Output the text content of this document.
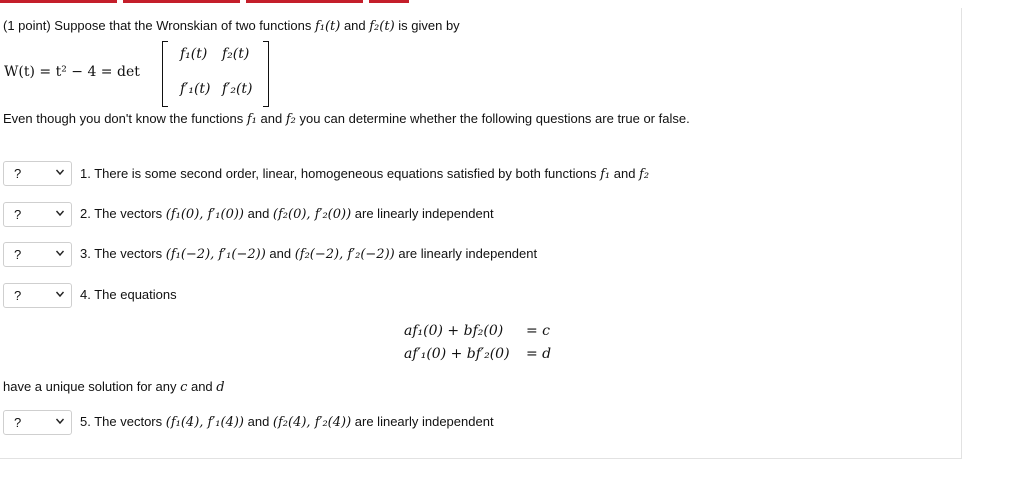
(1 point) Suppose that the Wronskian of two functions f₁(t) and f₂(t) is given by
W(t) = t² − 4 = det
f₁(t) f₂(t)
f′₁(t) f′₂(t)
Even though you don't know the functions f₁ and f₂ you can determine whether the following questions are true or false.
?	1. There is some second order, linear, homogeneous equations satisfied by both functions f₁ and f₂
?	2. The vectors (f₁(0), f′₁(0)) and (f₂(0), f′₂(0)) are linearly independent
?	3. The vectors (f₁(−2), f′₁(−2)) and (f₂(−2), f′₂(−2)) are linearly independent
?	4. The equations
af₁(0) + bf₂(0) = c
af′₁(0) + bf′₂(0) = d
have a unique solution for any c and d
?	5. The vectors (f₁(4), f′₁(4)) and (f₂(4), f′₂(4)) are linearly independent
